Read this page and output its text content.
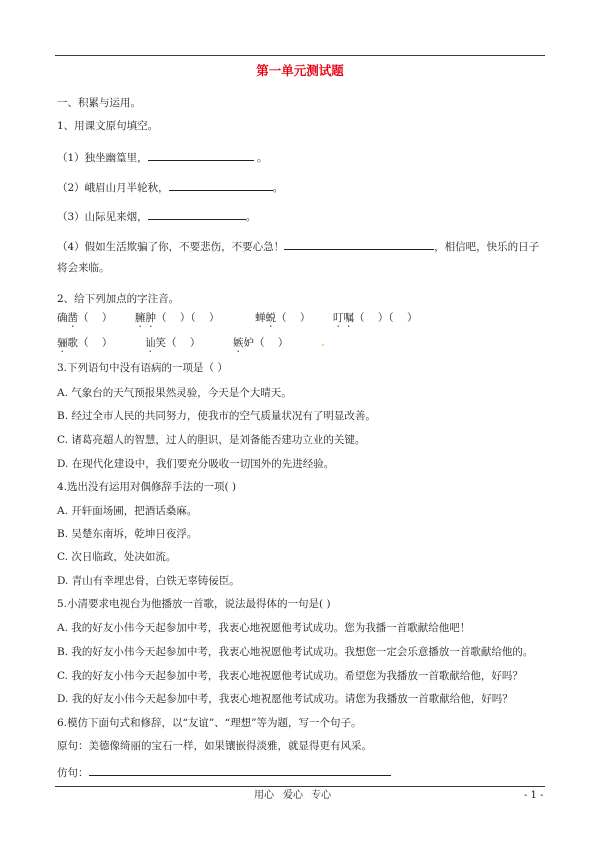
第一单元测试题
一、积累与运用。
1、用课文原句填空。
（1）独坐幽篁里，	。
（2）峨眉山月半轮秋，	。
（3）山际见来烟，	。
（4）假如生活欺骗了你，不要悲伤，不要心急！	，相信吧，快乐的日子
将会来临。
2、给下列加点的字注音。
确凿（    ） 臃肿（    ）（    ）	蝉蜕（    ） 叮嘱（    ）（    ）
骊歌（    ）	讪笑（    ）	嫉妒（    ）
3.下列语句中没有语病的一项是（ ）
A. 气象台的天气预报果然灵验，今天是个大晴天。
B. 经过全市人民的共同努力，使我市的空气质量状况有了明显改善。
C. 诸葛亮超人的智慧，过人的胆识，是刘备能否建功立业的关键。
D. 在现代化建设中，我们要充分吸收一切国外的先进经验。
4.选出没有运用对偶修辞手法的一项( )
A. 开轩面场圃，把酒话桑麻。
B. 吴楚东南坼，乾坤日夜浮。
C. 次日临政，处决如流。
D. 青山有幸埋忠骨，白铁无辜铸佞臣。
5.小清要求电视台为他播放一首歌，说法最得体的一句是( )
A. 我的好友小伟今天起参加中考，我衷心地祝愿他考试成功。您为我播一首歌献给他吧！
B. 我的好友小伟今天起参加中考，我衷心地祝愿他考试成功。我想您一定会乐意播放一首歌献给他的。
C. 我的好友小伟今天起参加中考，我衷心地祝愿他考试成功。希望您为我播放一首歌献给他，好吗？
D. 我的好友小伟今天起参加中考，我衷心地祝愿他考试成功。请您为我播放一首歌献给他，好吗？
6.模仿下面句式和修辞，以“友谊”、“理想”等为题，写一个句子。
原句：美德像绮丽的宝石一样，如果镶嵌得淡雅，就显得更有风采。
仿句：
用心 爱心 专心	- 1 -
